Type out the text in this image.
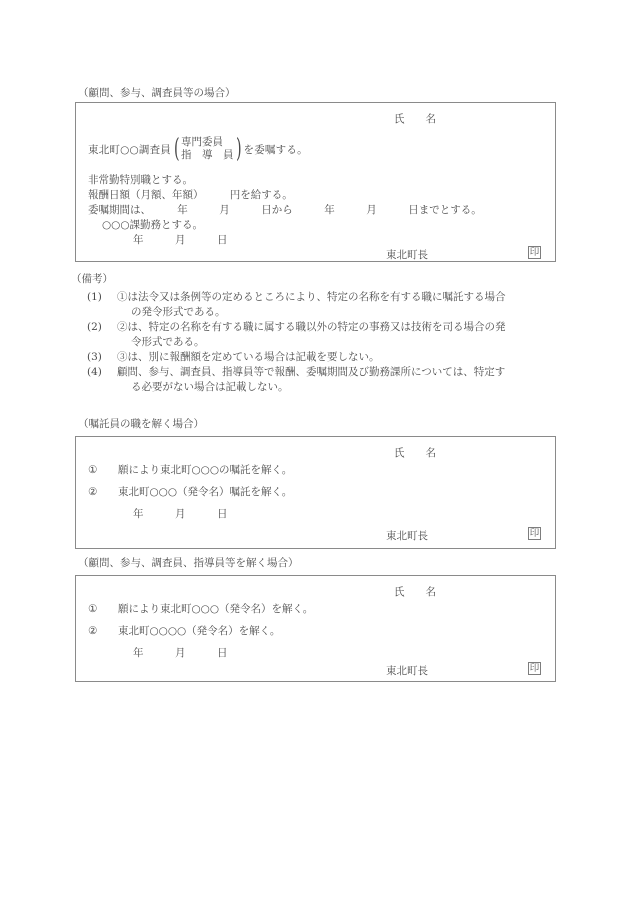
（顧問、参与、調査員等の場合）
氏　　名
東北町○○調査員 ( 専門委員
指　導　員 ) を委嘱する。
非常勤特別職とする。
報酬日額（月額、年額）　　　円を給する。
委嘱期間は、　　　年　　　月　　　日から　　　年　　　月　　　日までとする。
○○○課勤務とする。
年　　　月　　　日
東北町長	印
（備考）
(1) ①は法令又は条例等の定めるところにより、特定の名称を有する職に嘱託する場合
の発令形式である。
(2) ②は、特定の名称を有する職に属する職以外の特定の事務又は技術を司る場合の発
令形式である。
(3) ③は、別に報酬額を定めている場合は記載を要しない。
(4) 顧問、参与、調査員、指導員等で報酬、委嘱期間及び勤務課所については、特定す
る必要がない場合は記載しない。
（嘱託員の職を解く場合）
氏　　名
① 願により東北町○○○の嘱託を解く。
② 東北町○○○（発令名）嘱託を解く。
年　　　月　　　日
東北町長	印
（顧問、参与、調査員、指導員等を解く場合）
氏　　名
① 願により東北町○○○（発令名）を解く。
② 東北町○○○○（発令名）を解く。
年　　　月　　　日
東北町長	印
